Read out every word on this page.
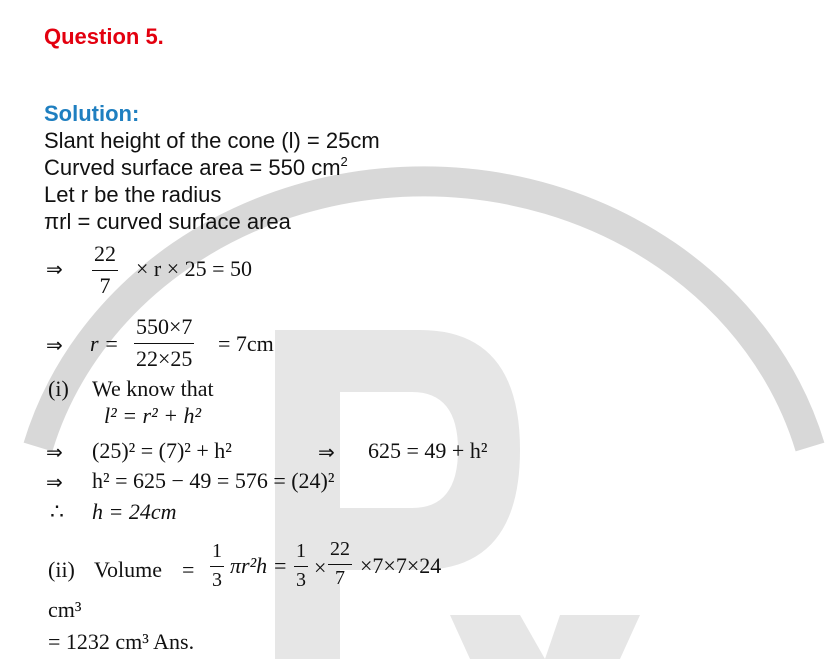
Question 5.
Solution:
Slant height of the cone (l) = 25cm
Curved surface area = 550 $cm^2$
Let r be the radius
πrl = curved surface area
⇒ $\frac{22}{7} \times r \times 25 = 50$
⇒ $r = \frac{550\times 7}{22\times 25} = 7cm$
(i) We know that
l² = r² + h²
⇒ (25)² = (7)² + h²	⇒ 625 = 49 + h²
⇒ h² = 625 − 49 = 576 = (24)²
∴ h = 24cm
(ii) Volume = $\frac{1}{3} \pi r^2h = \frac{1}{3} \times \frac{22}{7} \times 7\times 7\times 24$
cm³
= 1232 cm³ Ans.
